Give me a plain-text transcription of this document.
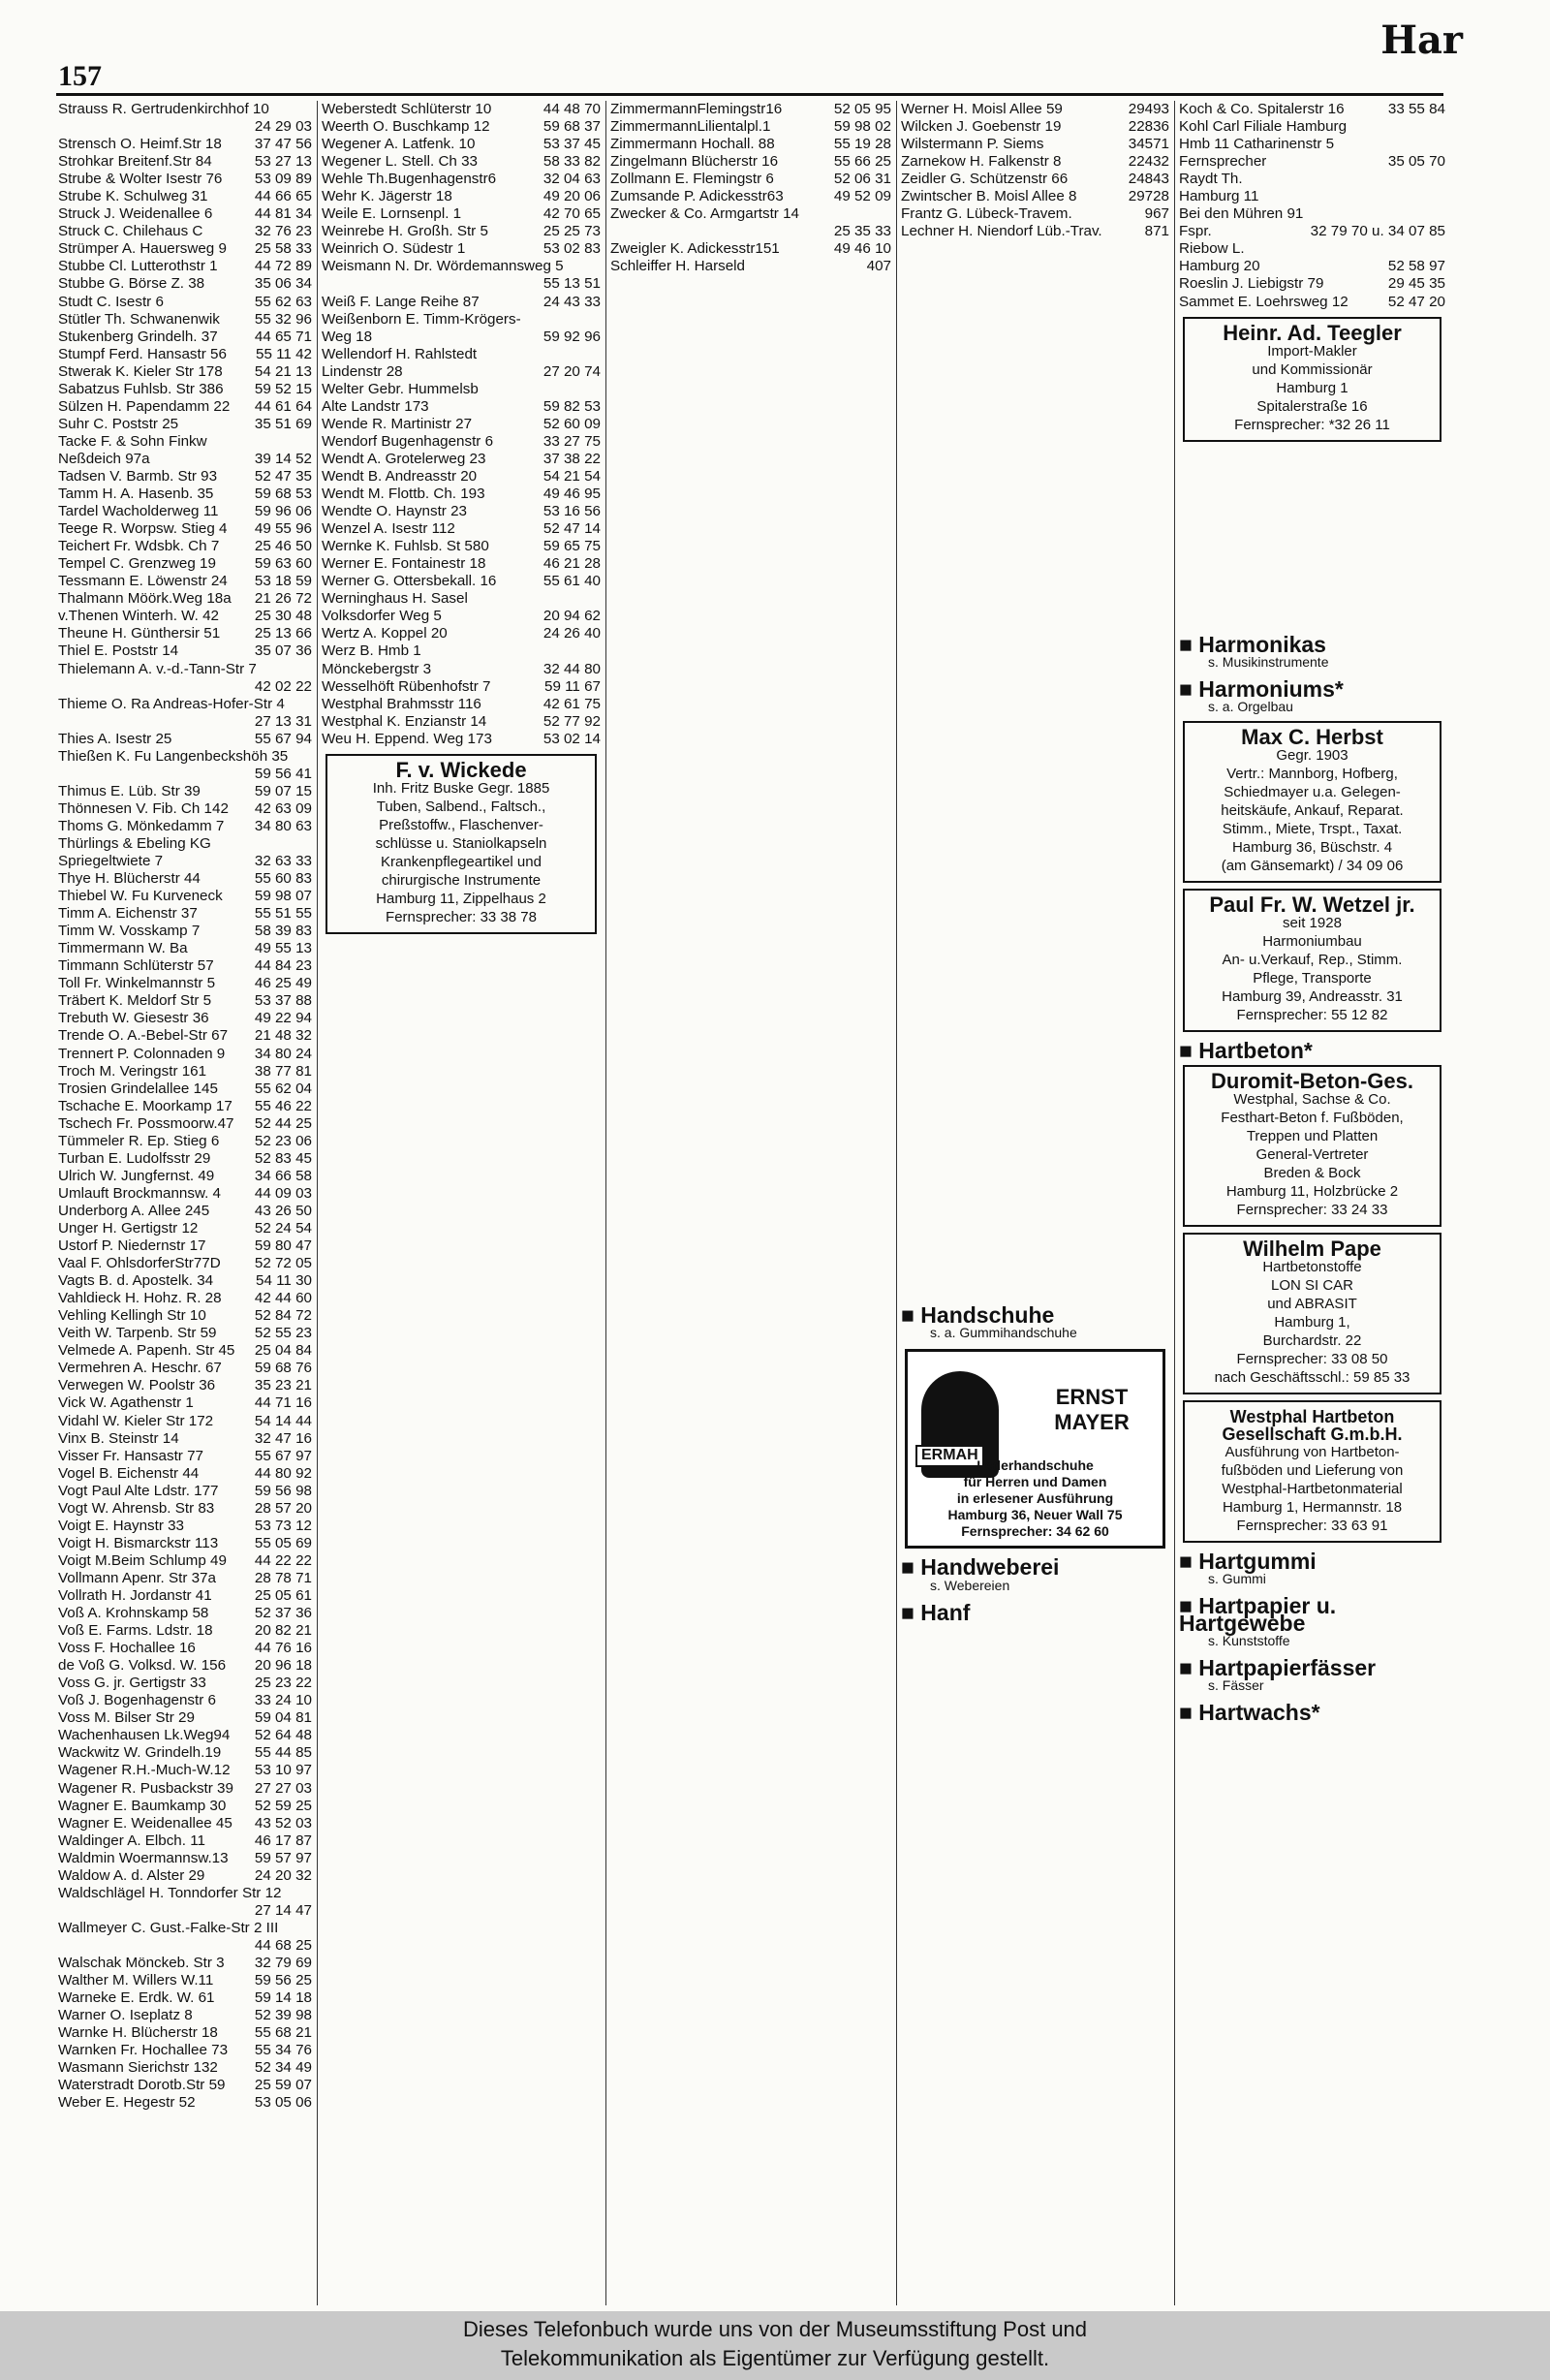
157
Har
Strauss R. Gertrudenkirchhof 10
24 29 03
Strensch O. Heimf.Str 18 37 47 56
Strohkar Breitenf.Str 84	53 27 13
Strube & Wolter Isestr 76 53 09 89
Strube K. Schulweg 31	44 66 65
Struck J. Weidenallee 6	44 81 34
Struck C. Chilehaus C	32 76 23
Strümper A. Hauersweg 9 25 58 33
Stubbe Cl. Lutterothstr 1	44 72 89
Stubbe G. Börse Z. 38	35 06 34
Studt C. Isestr 6	55 62 63
Stütler Th. Schwanenwik 55 32 96
Stukenberg Grindelh. 37	44 65 71
Stumpf Ferd. Hansastr 56 55 11 42
Stwerak K. Kieler Str 178 54 21 13
Sabatzus Fuhlsb. Str 386 59 52 15
Sülzen H. Papendamm 22 44 61 64
Suhr C. Poststr 25	35 51 69
Tacke F. & Sohn Finkw
Neßdeich 97a	39 14 52
Tadsen V. Barmb. Str 93	52 47 35
Tamm H. A. Hasenb. 35	59 68 53
Tardel Wacholderweg 11 59 96 06
Teege R. Worpsw. Stieg 4 49 55 96
Teichert Fr. Wdsbk. Ch 7 25 46 50
Tempel C. Grenzweg 19	59 63 60
Tessmann E. Löwenstr 24 53 18 59
Thalmann Möörk.Weg 18a 21 26 72
v.Thenen Winterh. W. 42 25 30 48
Theune H. Günthersir 51 25 13 66
Thiel E. Poststr 14	35 07 36
Thielemann A. v.-d.-Tann-Str 7
42 02 22
Thieme O. Ra Andreas-Hofer-Str 4
27 13 31
Thies A. Isestr 25	55 67 94
Thießen K. Fu Langenbeckshöh 35
59 56 41
Thimus E. Lüb. Str 39	59 07 15
Thönnesen V. Fib. Ch 142 42 63 09
Thoms G. Mönkedamm 7 34 80 63
Thürlings & Ebeling KG
Spriegeltwiete 7	32 63 33
Thye H. Blücherstr 44	55 60 83
Thiebel W. Fu Kurveneck 59 98 07
Timm A. Eichenstr 37	55 51 55
Timm W. Vosskamp 7	58 39 83
Timmermann W. Ba	49 55 13
Timmann Schlüterstr 57	44 84 23
Toll Fr. Winkelmannstr 5	46 25 49
Träbert K. Meldorf Str 5	53 37 88
Trebuth W. Giesestr 36	49 22 94
Trende O. A.-Bebel-Str 67 21 48 32
Trennert P. Colonnaden 9 34 80 24
Troch M. Veringstr 161	38 77 81
Trosien Grindelallee 145 55 62 04
Tschache E. Moorkamp 17 55 46 22
Tschech Fr. Possmoorw.47 52 44 25
Tümmeler R. Ep. Stieg 6 52 23 06
Turban E. Ludolfsstr 29	52 83 45
Ulrich W. Jungfernst. 49	34 66 58
Umlauft Brockmannsw. 4 44 09 03
Underborg A. Allee 245	43 26 50
Unger H. Gertigstr 12	52 24 54
Ustorf P. Niedernstr 17	59 80 47
Vaal F. OhlsdorferStr77D 52 72 05
Vagts B. d. Apostelk. 34	54 11 30
Vahldieck H. Hohz. R. 28 42 44 60
Vehling Kellingh Str 10	52 84 72
Veith W. Tarpenb. Str 59	52 55 23
Velmede A. Papenh. Str 45 25 04 84
Vermehren A. Heschr. 67 59 68 76
Verwegen W. Poolstr 36	35 23 21
Vick W. Agathenstr 1	44 71 16
Vidahl W. Kieler Str 172	54 14 44
Vinx B. Steinstr 14	32 47 16
Visser Fr. Hansastr 77	55 67 97
Vogel B. Eichenstr 44	44 80 92
Vogt Paul Alte Ldstr. 177 59 56 98
Vogt W. Ahrensb. Str 83	28 57 20
Voigt E. Haynstr 33	53 73 12
Voigt H. Bismarckstr 113 55 05 69
Voigt M.Beim Schlump 49 44 22 22
Vollmann Apenr. Str 37a	28 78 71
Vollrath H. Jordanstr 41	25 05 61
Voß A. Krohnskamp 58	52 37 36
Voß E. Farms. Ldstr. 18	20 82 21
Voss F. Hochallee 16	44 76 16
de Voß G. Volksd. W. 156 20 96 18
Voss G. jr. Gertigstr 33	25 23 22
Voß J. Bogenhagenstr 6	33 24 10
Voss M. Bilser Str 29	59 04 81
Wachenhausen Lk.Weg94 52 64 48
Wackwitz W. Grindelh.19 55 44 85
Wagener R.H.-Much-W.12 53 10 97
Wagener R. Pusbackstr 39 27 27 03
Wagner E. Baumkamp 30 52 59 25
Wagner E. Weidenallee 45 43 52 03
Waldinger A. Elbch. 11	46 17 87
Waldmin Woermannsw.13 59 57 97
Waldow A. d. Alster 29	24 20 32
Waldschlägel H. Tonndorfer Str 12
27 14 47
Wallmeyer C. Gust.-Falke-Str 2 III
44 68 25
Walschak Mönckeb. Str 3 32 79 69
Walther M. Willers W.11	59 56 25
Warneke E. Erdk. W. 61	59 14 18
Warner O. Iseplatz 8	52 39 98
Warnke H. Blücherstr 18	55 68 21
Warnken Fr. Hochallee 73 55 34 76
Wasmann Sierichstr 132	52 34 49
Waterstradt Dorotb.Str 59 25 59 07
Weber E. Hegestr 52	53 05 06
Weberstedt Schlüterstr 10	44 48 70
Weerth O. Buschkamp 12	59 68 37
Wegener A. Latfenk. 10	53 37 45
Wegener L. Stell. Ch 33	58 33 82
Wehle Th.Bugenhagenstr6	32 04 63
Wehr K. Jägerstr 18	49 20 06
Weile E. Lornsenpl. 1	42 70 65
Weinrebe H. Großh. Str 5	25 25 73
Weinrich O. Südestr 1	53 02 83
Weismann N. Dr. Wördemannsweg 5
55 13 51
Weiß F. Lange Reihe 87	24 43 33
Weißenborn E. Timm-Krögers-
Weg 18	59 92 96
Wellendorf H. Rahlstedt
Lindenstr 28	27 20 74
Welter Gebr. Hummelsb
Alte Landstr 173	59 82 53
Wende R. Martinistr 27	52 60 09
Wendorf Bugenhagenstr 6	33 27 75
Wendt A. Grotelerweg 23	37 38 22
Wendt B. Andreasstr 20	54 21 54
Wendt M. Flottb. Ch. 193	49 46 95
Wendte O. Haynstr 23	53 16 56
Wenzel A. Isestr 112	52 47 14
Wernke K. Fuhlsb. St 580	59 65 75
Werner E. Fontainestr 18	46 21 28
Werner G. Ottersbekall. 16	55 61 40
Werninghaus H. Sasel
Volksdorfer Weg 5	20 94 62
Wertz A. Koppel 20	24 26 40
Werz B. Hmb 1
Mönckebergstr 3	32 44 80
Wesselhöft Rübenhofstr 7	59 11 67
Westphal Brahmsstr 116	42 61 75
Westphal K. Enzianstr 14	52 77 92
Weu H. Eppend. Weg 173	53 02 14
F. v. Wickede
Inh. Fritz Buske Gegr. 1885
Tuben, Salbend., Faltsch.,
Preßstoffw., Flaschenver-
schlüsse u. Staniolkapseln
Krankenpflegeartikel und
chirurgische Instrumente
Hamburg 11, Zippelhaus 2
Fernsprecher: 33 38 78
ZimmermannFlemingstr16	52 05 95
ZimmermannLilientalpl.1	59 98 02
Zimmermann Hochall. 88	55 19 28
Zingelmann Blücherstr 16	55 66 25
Zollmann E. Flemingstr 6	52 06 31
Zumsande P. Adickesstr63	49 52 09
Zwecker & Co. Armgartstr 14
25 35 33
Zweigler K. Adickesstr151	49 46 10
Schleiffer H. Harseld	407
Werner H. Moisl Allee 59	29493
Wilcken J. Goebenstr 19	22836
Wilstermann P. Siems	34571
Zarnekow H. Falkenstr 8	22432
Zeidler G. Schützenstr 66	24843
Zwintscher B. Moisl Allee 8	29728
Frantz G. Lübeck-Travem.	967
Lechner H. Niendorf Lüb.-Trav.	871
■ Handschuhe
s. a. Gummihandschuhe
ERMAH
ERNST MAYER
Lederhandschuhe
für Herren und Damen
in erlesener Ausführung
Hamburg 36, Neuer Wall 75
Fernsprecher: 34 62 60
■ Handweberei
s. Webereien
■ Hanf
Koch & Co. Spitalerstr 16	33 55 84
Kohl Carl Filiale Hamburg
Hmb 11 Catharinenstr 5
Fernsprecher	35 05 70
Raydt Th.
Hamburg 11
Bei den Mühren 91
Fspr.	32 79 70 u. 34 07 85
Riebow L.
Hamburg 20	52 58 97
Roeslin J. Liebigstr 79	29 45 35
Sammet E. Loehrsweg 12	52 47 20
Heinr. Ad. Teegler
Import-Makler
und Kommissionär
Hamburg 1
Spitalerstraße 16
Fernsprecher: *32 26 11
■ Harmonikas
s. Musikinstrumente
■ Harmoniums*
s. a. Orgelbau
Max C. Herbst
Gegr. 1903
Vertr.: Mannborg, Hofberg,
Schiedmayer u.a. Gelegen-
heitskäufe, Ankauf, Reparat.
Stimm., Miete, Trspt., Taxat.
Hamburg 36, Büschstr. 4
(am Gänsemarkt) / 34 09 06
Paul Fr. W. Wetzel jr.
seit 1928
Harmoniumbau
An- u.Verkauf, Rep., Stimm.
Pflege, Transporte
Hamburg 39, Andreasstr. 31
Fernsprecher: 55 12 82
■ Hartbeton*
Duromit-Beton-Ges.
Westphal, Sachse & Co.
Festhart-Beton f. Fußböden,
Treppen und Platten
General-Vertreter
Breden & Bock
Hamburg 11, Holzbrücke 2
Fernsprecher: 33 24 33
Wilhelm Pape
Hartbetonstoffe
LON SI CAR
und ABRASIT
Hamburg 1,
Burchardstr. 22
Fernsprecher: 33 08 50
nach Geschäftsschl.: 59 85 33
Westphal Hartbeton Gesellschaft G.m.b.H.
Ausführung von Hartbeton-
fußböden und Lieferung von
Westphal-Hartbetonmaterial
Hamburg 1, Hermannstr. 18
Fernsprecher: 33 63 91
■ Hartgummi
s. Gummi
■ Hartpapier u. Hartgewebe
s. Kunststoffe
■ Hartpapierfässer
s. Fässer
■ Hartwachs*
Dieses Telefonbuch wurde uns von der Museumsstiftung Post und
Telekommunikation als Eigentümer zur Verfügung gestellt.
